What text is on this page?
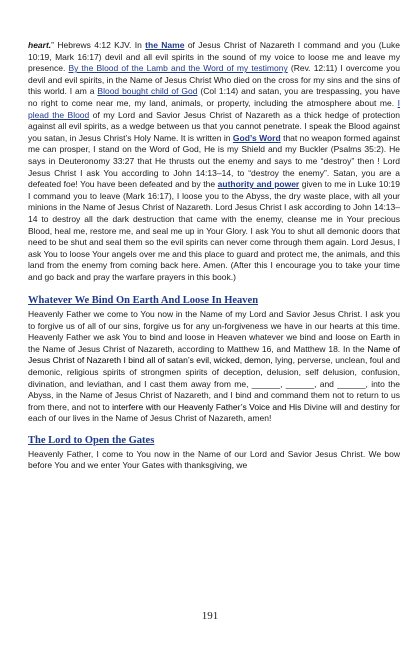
heart.” Hebrews 4:12 KJV. In the Name of Jesus Christ of Nazareth I command and you (Luke 10:19, Mark 16:17) devil and all evil spirits in the sound of my voice to loose me and leave my presence. By the Blood of the Lamb and the Word of my testimony (Rev. 12:11) I overcome you devil and evil spirits, in the Name of Jesus Christ Who died on the cross for my sins and the sins of this world. I am a Blood bought child of God (Col 1:14) and satan, you are trespassing, you have no right to come near me, my land, animals, or property, including the atmosphere about me. I plead the Blood of my Lord and Savior Jesus Christ of Nazareth as a thick hedge of protection against all evil spirits, as a wedge between us that you cannot penetrate. I speak the Blood against you satan, in Jesus Christ’s Holy Name. It is written in God’s Word that no weapon formed against me can prosper, I stand on the Word of God, He is my Shield and my Buckler (Psalms 35:2). He says in Deuteronomy 33:27 that He thrusts out the enemy and says to me “destroy” then ! Lord Jesus Christ I ask You according to John 14:13–14, to “destroy the enemy”. Satan, you are a defeated foe! You have been defeated and by the authority and power given to me in Luke 10:19 I command you to leave (Mark 16:17), I loose you to the Abyss, the dry waste place, with all your minions in the Name of Jesus Christ of Nazareth. Lord Jesus Christ I ask according to John 14:13–14 to destroy all the dark destruction that came with the enemy, cleanse me in Your precious Blood, heal me, restore me, and seal me up in Your Glory. I ask You to shut all demonic doors that need to be shut and seal them so the evil spirits can never come through them again. Lord Jesus, I ask You to loose Your angels over me and this place to guard and protect me, the animals, and this land from the enemy from coming back here. Amen. (After this I encourage you to take your time and go back and pray the warfare prayers in this book.)

Whatever We Bind On Earth And Loose In Heaven

Heavenly Father we come to You now in the Name of my Lord and Savior Jesus Christ. I ask you to forgive us of all of our sins, forgive us for any un-forgiveness we have in our hearts at this time. Heavenly Father we ask You to bind and loose in Heaven whatever we bind and loose on Earth in the Name of Jesus Christ of Nazareth, according to Matthew 16, and Matthew 18. In the Name of Jesus Christ of Nazareth I bind all of satan’s evil, wicked, demon, lying, perverse, unclean, foul and demonic, religious spirits of strongmen spirits of deception, delusion, self delusion, confusion, divination, and leviathan, and I cast them away from me, ______, ______, and ______, into the Abyss, in the Name of Jesus Christ of Nazareth, and I bind and command them not to return to us from there, and not to interfere with our Heavenly Father’s Voice and His Divine will and destiny for each of our lives in the Name of Jesus Christ of Nazareth, amen!

The Lord to Open the Gates

Heavenly Father, I come to You now in the Name of our Lord and Savior Jesus Christ. We bow before You and we enter Your Gates with thanksgiving, we

191
